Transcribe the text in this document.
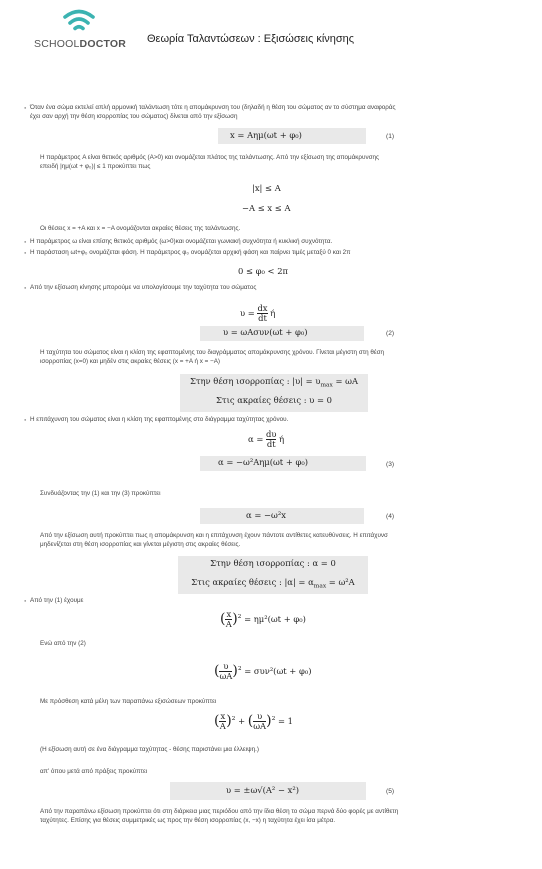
SCHOOLDOCTOR Θεωρία Ταλαντώσεων : Εξισώσεις κίνησης
● Όταν ένα σώμα εκτελεί απλή αρμονική ταλάντωση τότε η απομάκρυνση του (δηλαδή η θέση του σώματος αν το σύστημα αναφοράς
έχει σαν αρχή την θέση ισορροπίας του σώματος) δίνεται από την εξίσωση
x = Aημ(ωt + φ₀)	(1)
Η παράμετρος A είναι θετικός αριθμός (A>0) και ονομάζεται πλάτος της ταλάντωσης. Από την εξίσωση της απομάκρυνσης
επειδή |ημ(ωt + φ₀)| ≤ 1 προκύπτει πως
|x| ≤ A
−A ≤ x ≤ A
Οι θέσεις x = +A και x = −A ονομάζονται ακραίες θέσεις της ταλάντωσης.
● Η παράμετρος ω είναι επίσης θετικός αριθμός (ω>0)και ονομάζεται γωνιακή συχνότητα ή κυκλική συχνότητα.
● Η παράσταση ωt+φ₀ ονομάζεται φάση. Η παράμετρος φ₀ ονομάζεται αρχική φάση και παίρνει τιμές μεταξύ 0 και 2π
0 ≤ φ₀ < 2π
● Από την εξίσωση κίνησης μπορούμε να υπολογίσουμε την ταχύτητα του σώματος
$\upsilon = \frac{dx}{dt}$ ή
υ = ωAσυν(ωt + φ₀)	(2)
Η ταχύτητα του σώματος είναι η κλίση της εφαπτομένης του διαγράμματος απομάκρυνσης χρόνου. Γίνεται μέγιστη στη θέση
ισορροπίας (x=0) και μηδέν στις ακραίες θέσεις (x = +A ή x = −A)
Στην θέση ισορροπίας : $|\upsilon| = \upsilon_{max} = \omega A$
Στις ακραίες θέσεις : υ = 0
● Η επιτάχυνση του σώματος είναι η κλίση της εφαπτομένης στο διάγραμμα ταχύτητας χρόνου.
$\alpha = \frac{d\upsilon}{dt}$ ή
α = −ω²Aημ(ωt + φ₀)	(3)
Συνδυάζοντας την (1) και την (3) προκύπτει
α = −ω²x	(4)
Από την εξίσωση αυτή προκύπτει πως η απομάκρυνση και η επιτάχυνση έχουν πάντοτε αντίθετες κατευθύνσεις. Η επιτάχυνσ
μηδενίζεται στη θέση ισορροπίας και γίνεται μέγιστη στις ακραίες θέσεις.
Στην θέση ισορροπίας : α = 0
Στις ακραίες θέσεις : $|\alpha| = \alpha_{max} = \omega^2A$
● Από την (1) έχουμε
( $\frac{x}{A} )^2 = \eta\mu^2(\omega t + \varphi_0)$
Ενώ από την (2)
( $\frac{\upsilon}{\omega A} )^2 = \sigma\upsilon\nu^2(\omega t + \varphi_0)$
Με πρόσθεση κατά μέλη των παραπάνω εξισώσεων προκύπτει
( $\frac{x}{A} )^2$ + ( $\frac{\upsilon}{\omega A} )^2 = 1$
(Η εξίσωση αυτή σε ένα διάγραμμα ταχύτητας - θέσης παριστάνει μια έλλειψη.)
απ' όπου μετά από πράξεις προκύπτει
υ = ±ω√(A² − x²)	(5)
Από την παραπάνω εξίσωση προκύπτει ότι στη διάρκεια μιας περιόδου από την ίδια θέση το σώμα περνά δύο φορές με αντίθετη
ταχύτητες. Επίσης για θέσεις συμμετρικές ως προς την θέση ισορροπίας (x, −x) η ταχύτητα έχει ίσα μέτρα.
